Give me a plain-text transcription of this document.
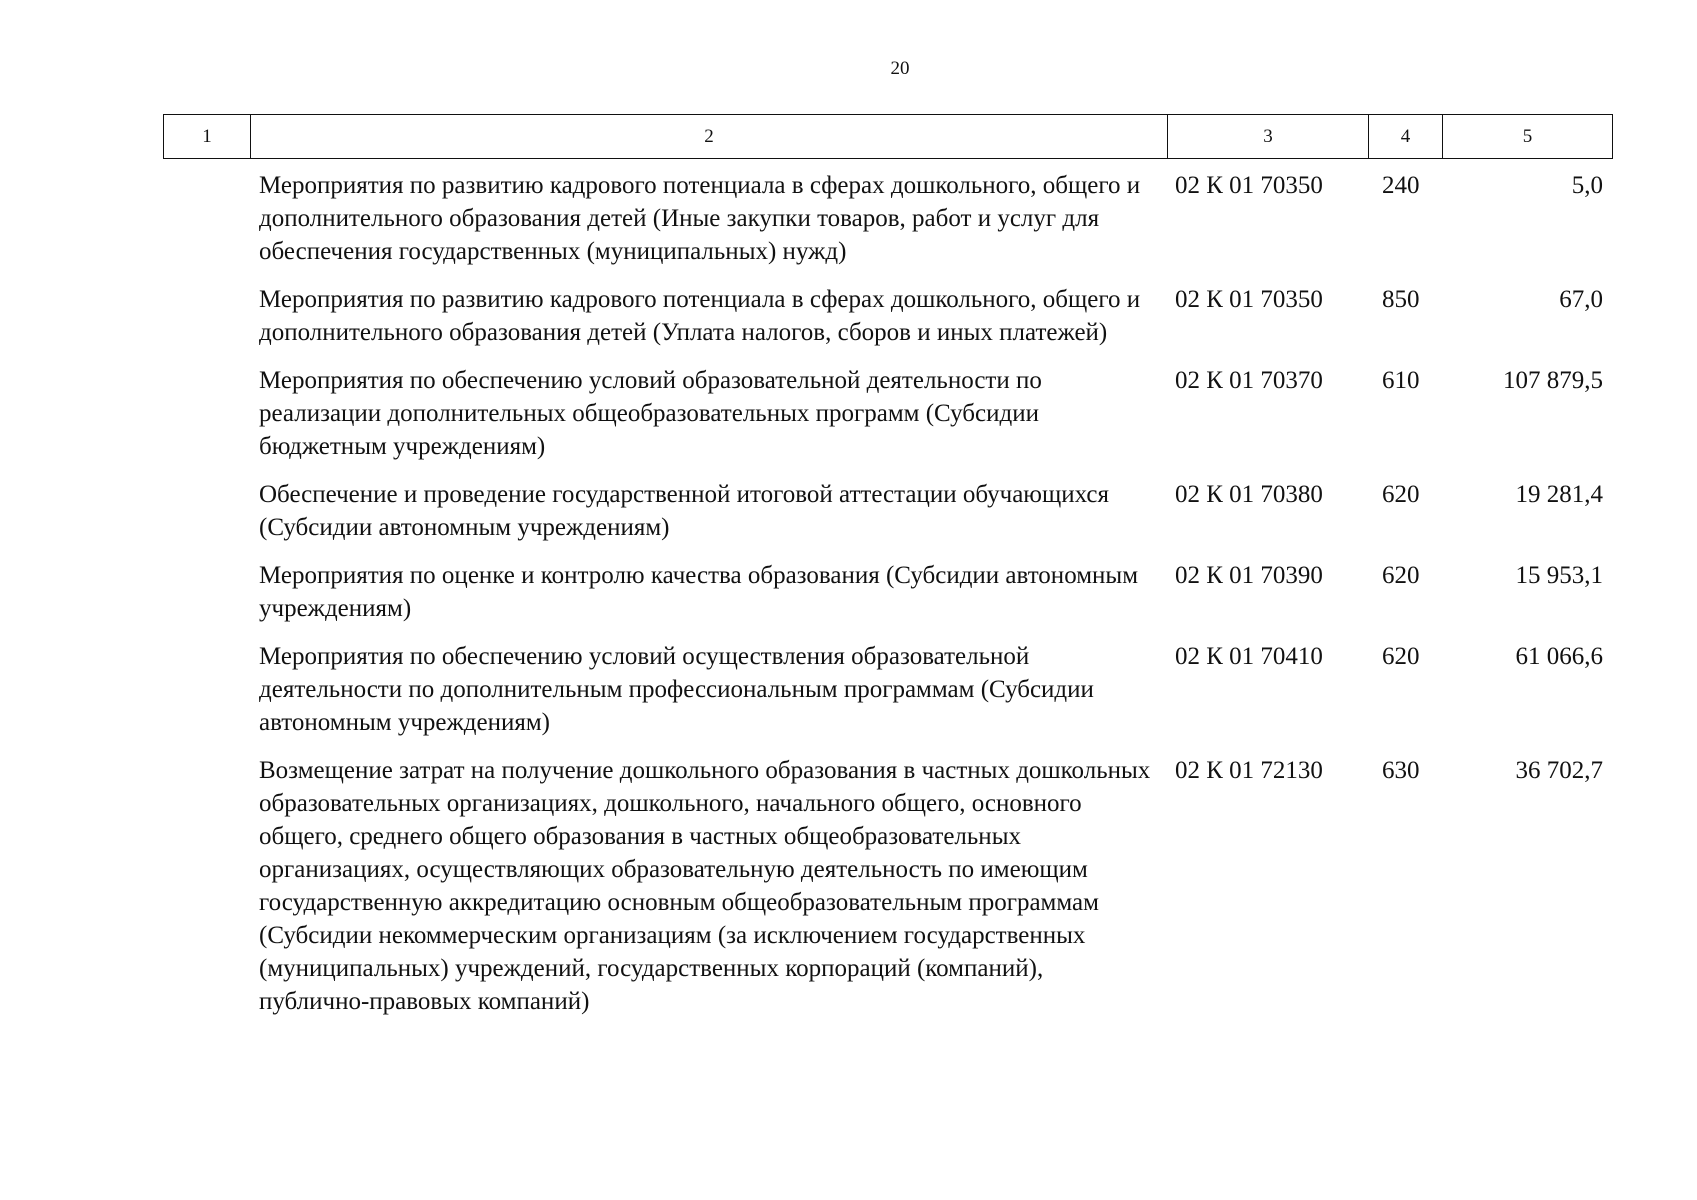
20
1	2	3	4	5
	Мероприятия по развитию кадрового потенциала в сферах дошкольного, общего и дополнительного образования детей (Иные закупки товаров, работ и услуг для обеспечения государственных (муниципальных) нужд)	02 К 01 70350	240	5,0
	Мероприятия по развитию кадрового потенциала в сферах дошкольного, общего и дополнительного образования детей (Уплата налогов, сборов и иных платежей)	02 К 01 70350	850	67,0
	Мероприятия по обеспечению условий образовательной деятельности по реализации дополнительных общеобразовательных программ (Субсидии бюджетным учреждениям)	02 К 01 70370	610	107 879,5
	Обеспечение и проведение государственной итоговой аттестации обучающихся (Субсидии автономным учреждениям)	02 К 01 70380	620	19 281,4
	Мероприятия по оценке и контролю качества образования (Субсидии автономным учреждениям)	02 К 01 70390	620	15 953,1
	Мероприятия по обеспечению условий осуществления образовательной деятельности по дополнительным профессиональным программам (Субсидии автономным учреждениям)	02 К 01 70410	620	61 066,6
	Возмещение затрат на получение дошкольного образования в частных дошкольных образовательных организациях, дошкольного, начального общего, основного общего, среднего общего образования в частных общеобразовательных организациях, осуществляющих образовательную деятельность по имеющим государственную аккредитацию основным общеобразовательным программам (Субсидии некоммерческим организациям (за исключением государственных (муниципальных) учреждений, государственных корпораций (компаний), публично-правовых компаний)	02 К 01 72130	630	36 702,7
